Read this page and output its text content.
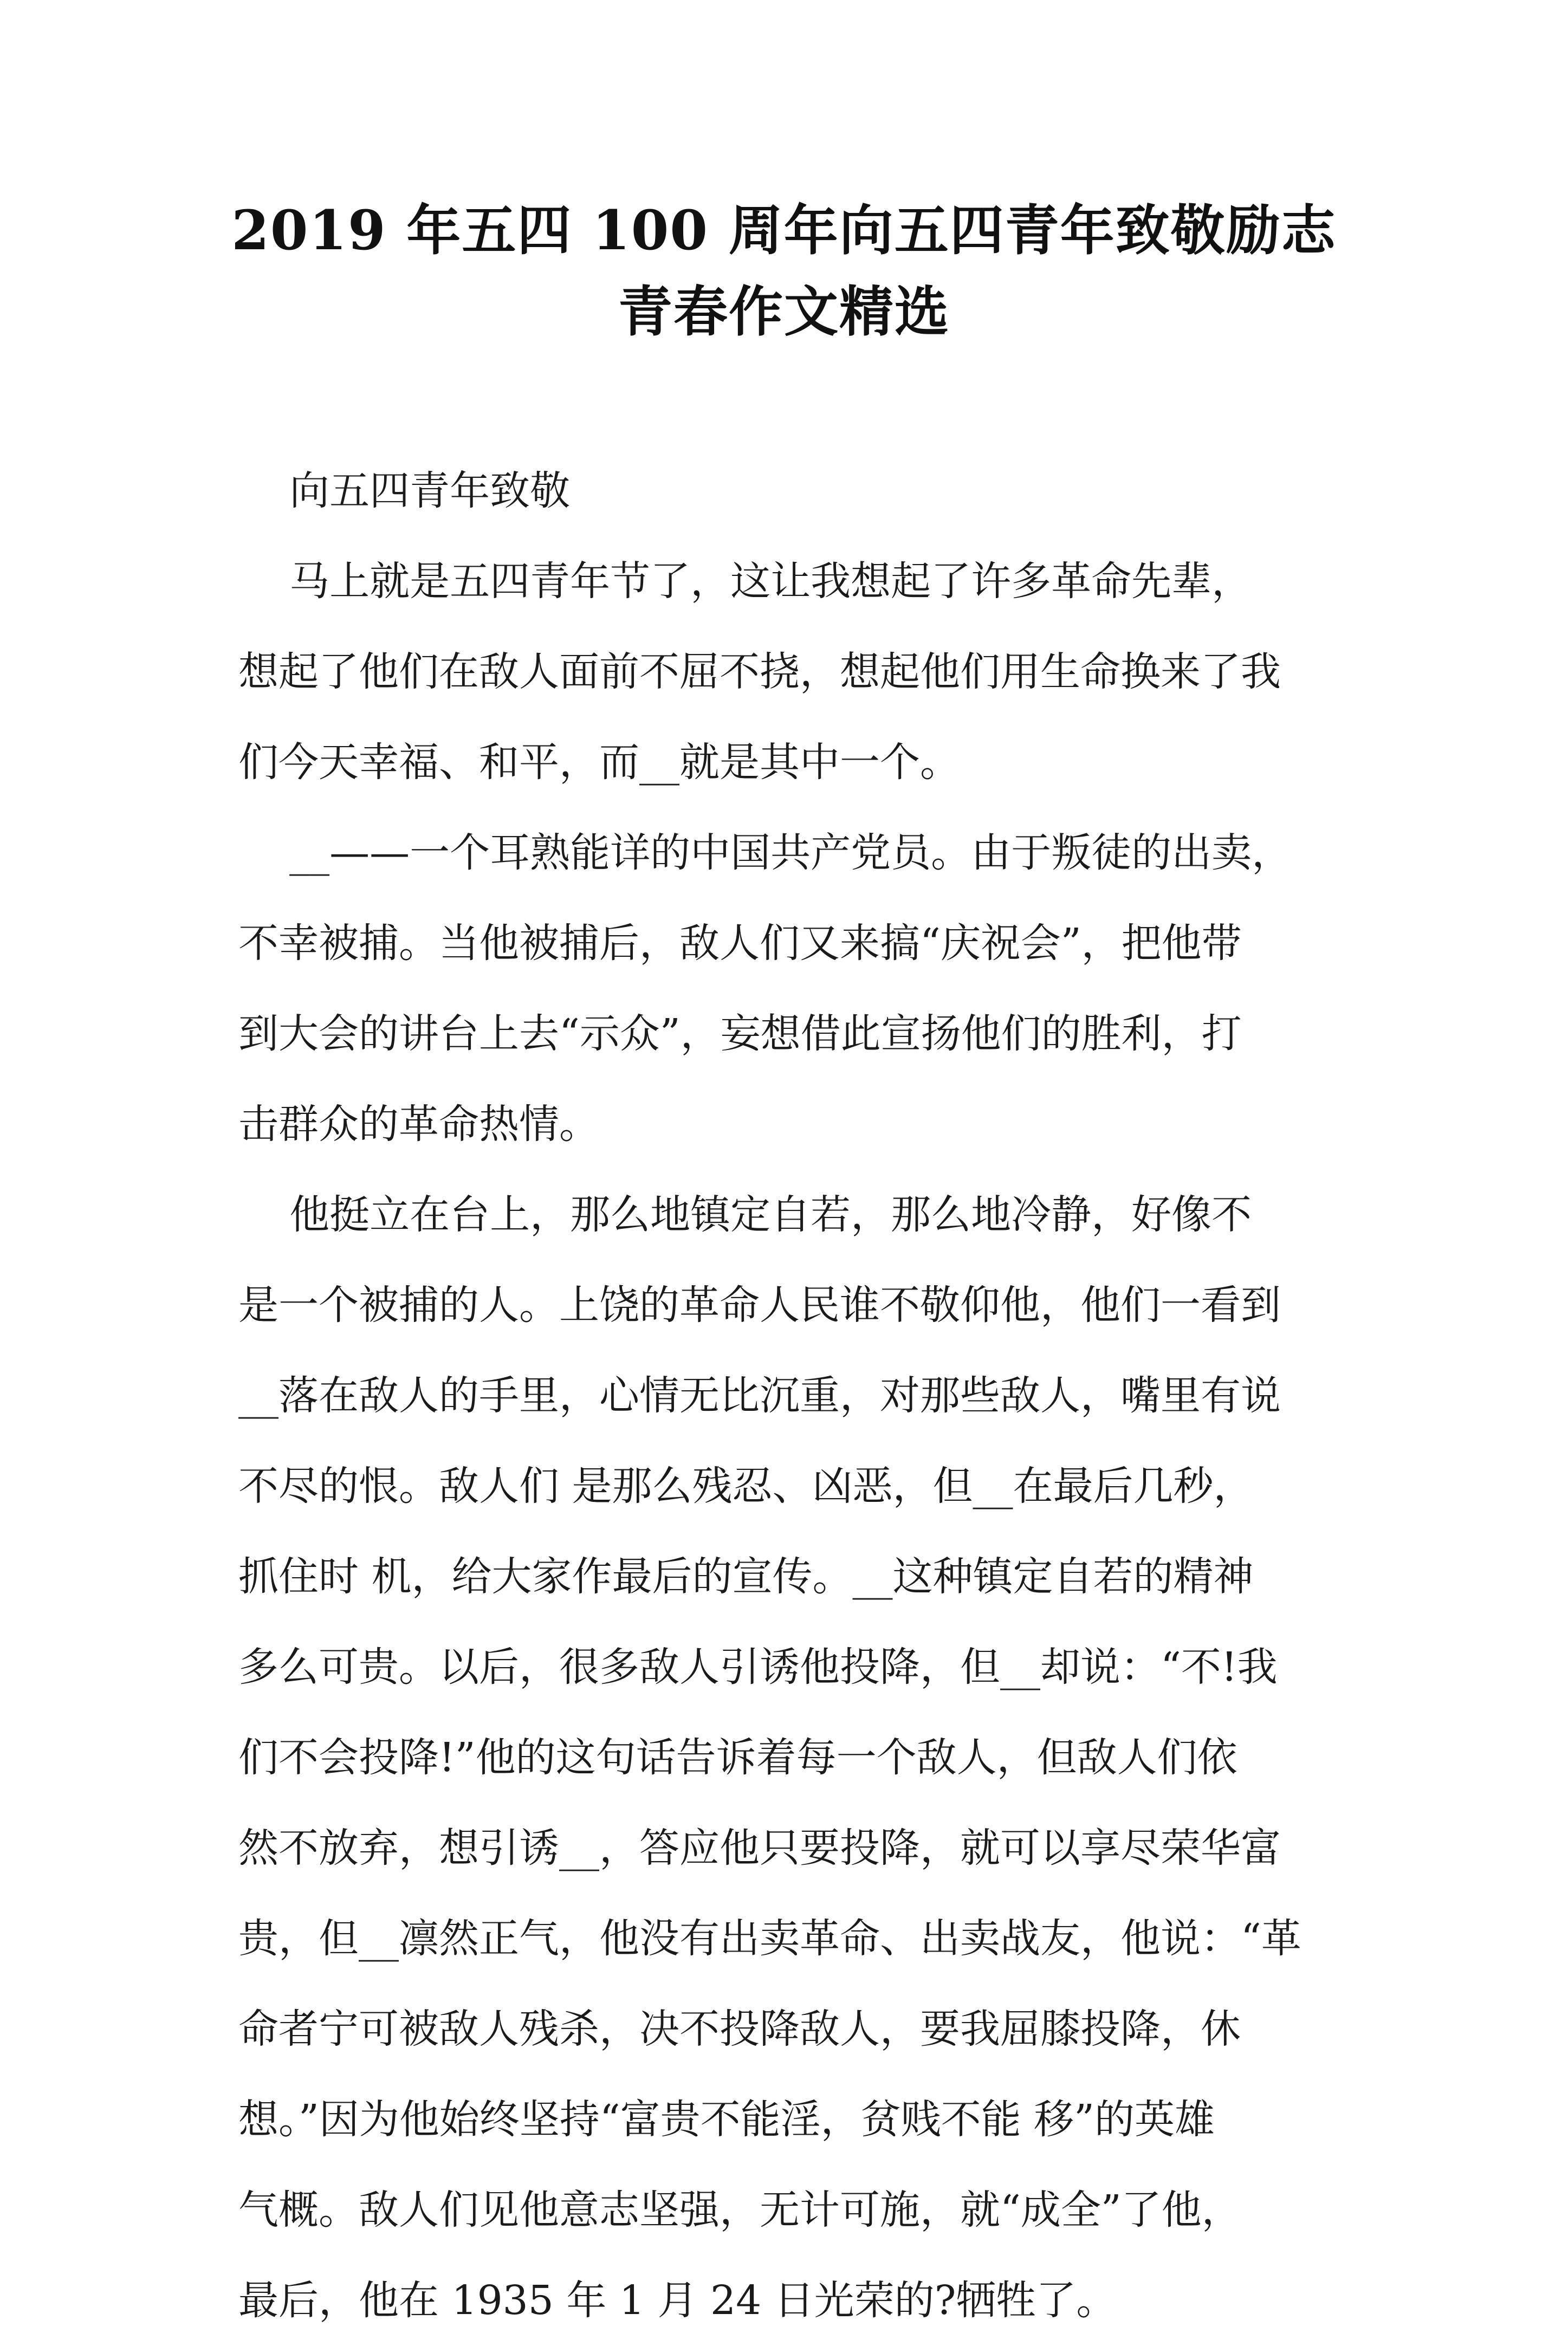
2019 年五四 100 周年向五四青年致敬励志
青春作文精选
向五四青年致敬
马上就是五四青年节了，这让我想起了许多革命先辈，
想起了他们在敌人面前不屈不挠，想起他们用生命换来了我
们今天幸福、和平，而__就是其中一个。
__——一个耳熟能详的中国共产党员。由于叛徒的出卖，
不幸被捕。当他被捕后，敌人们又来搞“庆祝会”，把他带
到大会的讲台上去“示众”，妄想借此宣扬他们的胜利，打
击群众的革命热情。
他挺立在台上，那么地镇定自若，那么地冷静，好像不
是一个被捕的人。上饶的革命人民谁不敬仰他，他们一看到
__落在敌人的手里，心情无比沉重，对那些敌人，嘴里有说
不尽的恨。敌人们 是那么残忍、凶恶，但__在最后几秒，
抓住时 机，给大家作最后的宣传。__这种镇定自若的精神
多么可贵。以后，很多敌人引诱他投降，但__却说：“不!我
们不会投降!”他的这句话告诉着每一个敌人，但敌人们依
然不放弃，想引诱__，答应他只要投降，就可以享尽荣华富
贵，但__凛然正气，他没有出卖革命、出卖战友，他说：“革
命者宁可被敌人残杀，决不投降敌人，要我屈膝投降，休
想。”因为他始终坚持“富贵不能淫，贫贱不能 移”的英雄
气概。敌人们见他意志坚强，无计可施，就“成全”了他，
最后，他在 1935 年 1 月 24 日光荣的?牺牲了。
